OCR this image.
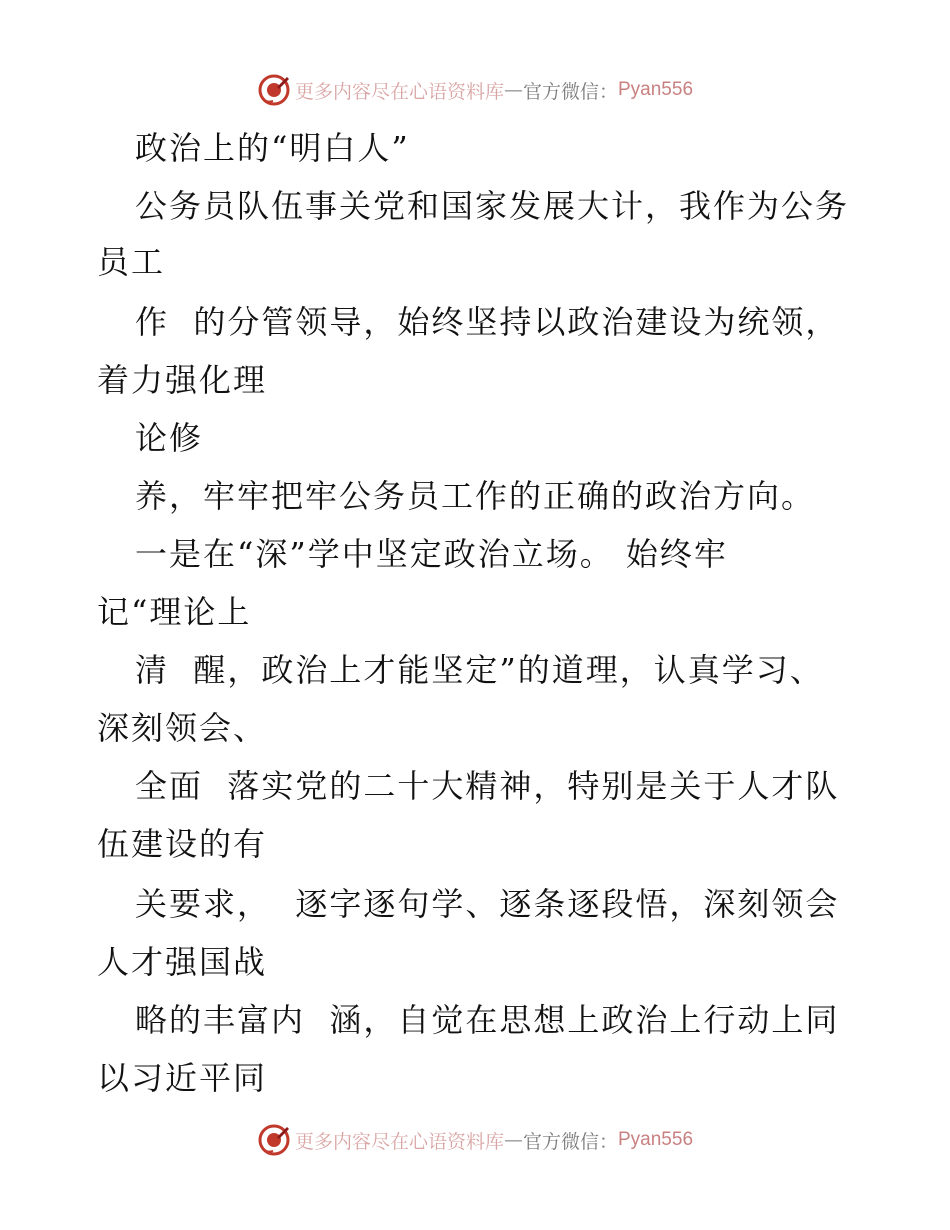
更多内容尽在心语资料库 — 官方微信： Pyan556
政治上的“明白人”
公务员队伍事关党和国家发展大计，我作为公务
员工
作  的分管领导，始终坚持以政治建设为统领，
着力强化理
论修
养，牢牢把牢公务员工作的正确的政治方向。
一是在“深”学中坚定政治立场。 始终牢
记“理论上
清  醒，政治上才能坚定”的道理，认真学习、
深刻领会、
全面  落实党的二十大精神，特别是关于人才队
伍建设的有
关要求，  逐字逐句学、逐条逐段悟，深刻领会
人才强国战
略的丰富内  涵，自觉在思想上政治上行动上同
以习近平同
更多内容尽在心语资料库 — 官方微信： Pyan556
